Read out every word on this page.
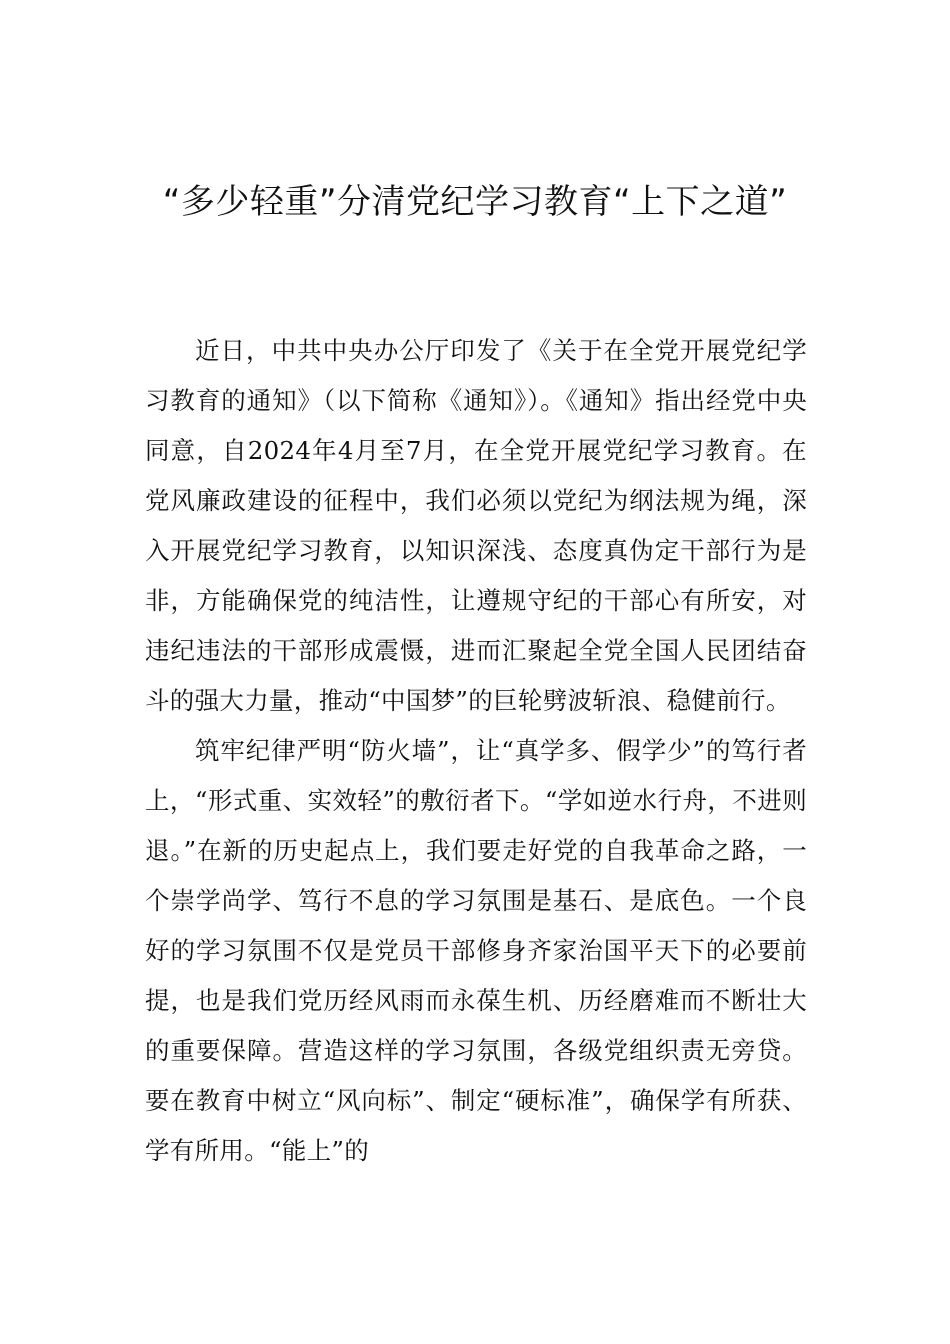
“多少轻重”分清党纪学习教育“上下之道”

近日，中共中央办公厅印发了《关于在全党开展党纪学习教育的通知》（以下简称《通知》）。《通知》指出经党中央同意，自2024年4月至7月，在全党开展党纪学习教育。在党风廉政建设的征程中，我们必须以党纪为纲法规为绳，深入开展党纪学习教育，以知识深浅、态度真伪定干部行为是非，方能确保党的纯洁性，让遵规守纪的干部心有所安，对违纪违法的干部形成震慑，进而汇聚起全党全国人民团结奋斗的强大力量，推动“中国梦”的巨轮劈波斩浪、稳健前行。

筑牢纪律严明“防火墙”，让“真学多、假学少”的笃行者上，“形式重、实效轻”的敷衍者下。“学如逆水行舟，不进则退。”在新的历史起点上，我们要走好党的自我革命之路，一个崇学尚学、笃行不息的学习氛围是基石、是底色。一个良好的学习氛围不仅是党员干部修身齐家治国平天下的必要前提，也是我们党历经风雨而永葆生机、历经磨难而不断壮大的重要保障。营造这样的学习氛围，各级党组织责无旁贷。要在教育中树立“风向标”、制定“硬标准”，确保学有所获、学有所用。“能上”的
